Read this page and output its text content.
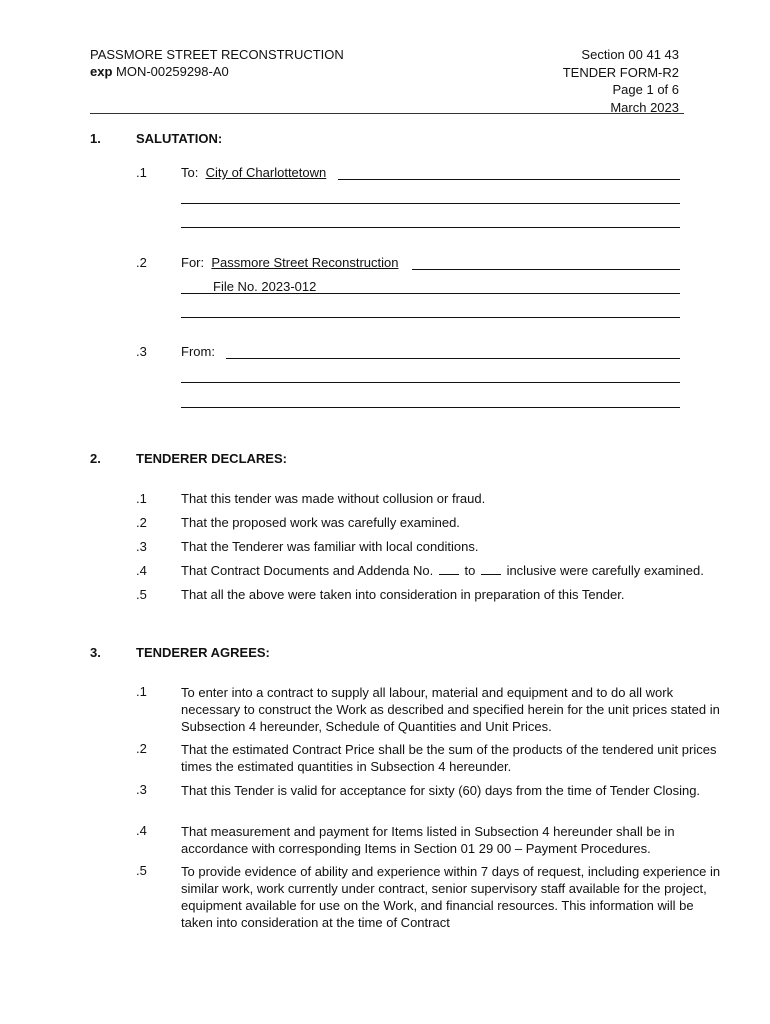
PASSMORE STREET RECONSTRUCTION
exp MON-00259298-A0
Section 00 41 43
TENDER FORM-R2
Page 1 of 6
March 2023
1.	SALUTATION:
.1	To: City of Charlottetown
.2	For: Passmore Street Reconstruction
File No. 2023-012
.3	From:
2.	TENDERER DECLARES:
.1	That this tender was made without collusion or fraud.
.2	That the proposed work was carefully examined.
.3	That the Tenderer was familiar with local conditions.
.4	That Contract Documents and Addenda No. to inclusive were carefully examined.
.5	That all the above were taken into consideration in preparation of this Tender.
3.	TENDERER AGREES:
.1	To enter into a contract to supply all labour, material and equipment and to do all work necessary to construct the Work as described and specified herein for the unit prices stated in Subsection 4 hereunder, Schedule of Quantities and Unit Prices.
.2	That the estimated Contract Price shall be the sum of the products of the tendered unit prices times the estimated quantities in Subsection 4 hereunder.
.3	That this Tender is valid for acceptance for sixty (60) days from the time of Tender Closing.
.4	That measurement and payment for Items listed in Subsection 4 hereunder shall be in accordance with corresponding Items in Section 01 29 00 – Payment Procedures.
.5	To provide evidence of ability and experience within 7 days of request, including experience in similar work, work currently under contract, senior supervisory staff available for the project, equipment available for use on the Work, and financial resources. This information will be taken into consideration at the time of Contract
